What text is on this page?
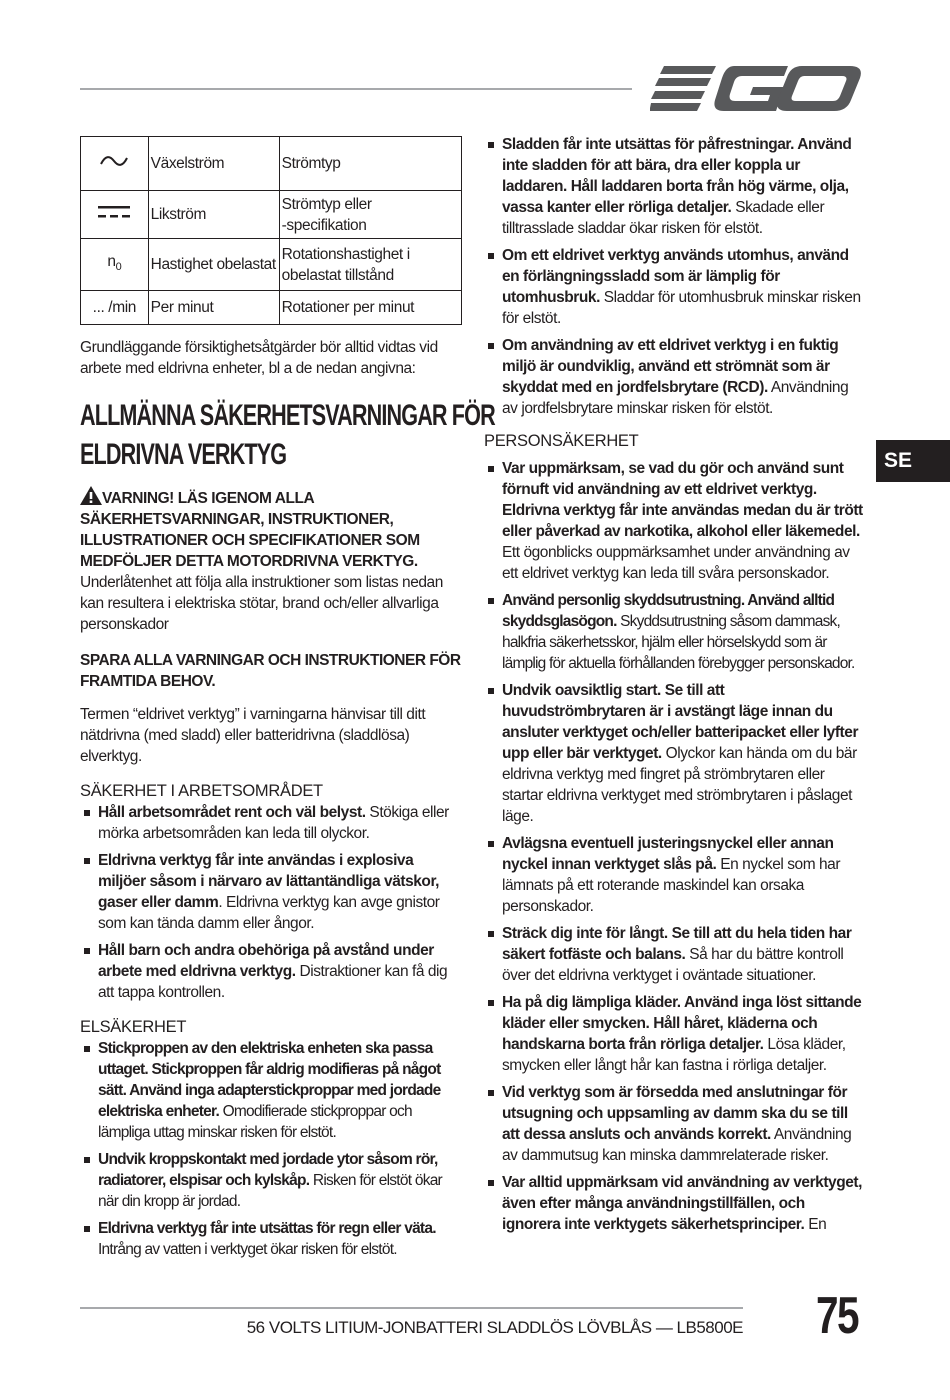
	Växelström	Strömtyp
	Likström	Strömtyp eller
-specifikation
$n_0$	Hastighet obelastat	Rotationshastighet i
obelastat tillstånd
... /min	Per minut	Rotationer per minut

Grundläggande försiktighetsåtgärder bör alltid vidtas vid arbete med eldrivna enheter, bl a de nedan angivna:

ALLMÄNNA SÄKERHETSVARNINGAR FÖR
ELDRIVNA VERKTYG
VARNING! LÄS IGENOM ALLA SÄKERHETSVARNINGAR, INSTRUKTIONER, ILLUSTRATIONER OCH SPECIFIKATIONER SOM MEDFÖLJER DETTA MOTORDRIVNA VERKTYG.

Underlåtenhet att följa alla instruktioner som listas nedan kan resultera i elektriska stötar, brand och/eller allvarliga personskador

SPARA ALLA VARNINGAR OCH INSTRUKTIONER FÖR FRAMTIDA BEHOV.

Termen “eldrivet verktyg” i varningarna hänvisar till ditt nätdrivna (med sladd) eller batteridrivna (sladdlösa) elverktyg.

SÄKERHET I ARBETSOMRÅDET
Håll arbetsområdet rent och väl belyst. Stökiga eller mörka arbetsområden kan leda till olyckor.
Eldrivna verktyg får inte användas i explosiva miljöer såsom i närvaro av lättantändliga vätskor, gaser eller damm. Eldrivna verktyg kan avge gnistor som kan tända damm eller ångor.
Håll barn och andra obehöriga på avstånd under arbete med eldrivna verktyg. Distraktioner kan få dig att tappa kontrollen.
ELSÄKERHET
Stickproppen av den elektriska enheten ska passa uttaget. Stickproppen får aldrig modifieras på något sätt. Använd inga adapterstickproppar med jordade elektriska enheter. Omodifierade stickproppar och lämpliga uttag minskar risken för elstöt.
Undvik kroppskontakt med jordade ytor såsom rör, radiatorer, elspisar och kylskåp. Risken för elstöt ökar när din kropp är jordad.
Eldrivna verktyg får inte utsättas för regn eller väta. Intrång av vatten i verktyget ökar risken för elstöt.
Sladden får inte utsättas för påfrestningar. Använd inte sladden för att bära, dra eller koppla ur laddaren. Håll laddaren borta från hög värme, olja, vassa kanter eller rörliga detaljer. Skadade eller tilltrasslade sladdar ökar risken för elstöt.
Om ett eldrivet verktyg används utomhus, använd en förlängningssladd som är lämplig för utomhusbruk. Sladdar för utomhusbruk minskar risken för elstöt.
Om användning av ett eldrivet verktyg i en fuktig miljö är oundviklig, använd ett strömnät som är skyddat med en jordfelsbrytare (RCD). Användning av jordfelsbrytare minskar risken för elstöt.
PERSONSÄKERHET
Var uppmärksam, se vad du gör och använd sunt förnuft vid användning av ett eldrivet verktyg. Eldrivna verktyg får inte användas medan du är trött eller påverkad av narkotika, alkohol eller läkemedel. Ett ögonblicks ouppmärksamhet under användning av ett eldrivet verktyg kan leda till svåra personskador.
Använd personlig skyddsutrustning. Använd alltid skyddsglasögon. Skyddsutrustning såsom dammask, halkfria säkerhetsskor, hjälm eller hörselskydd som är lämplig för aktuella förhållanden förebygger personskador.
Undvik oavsiktlig start. Se till att huvudströmbrytaren är i avstängt läge innan du ansluter verktyget och/eller batteripacket eller lyfter upp eller bär verktyget. Olyckor kan hända om du bär eldrivna verktyg med fingret på strömbrytaren eller startar eldrivna verktyget med strömbrytaren i påslaget läge.
Avlägsna eventuell justeringsnyckel eller annan nyckel innan verktyget slås på. En nyckel som har lämnats på ett roterande maskindel kan orsaka personskador.
Sträck dig inte för långt. Se till att du hela tiden har säkert fotfäste och balans. Så har du bättre kontroll över det eldrivna verktyget i oväntade situationer.
Ha på dig lämpliga kläder. Använd inga löst sittande kläder eller smycken. Håll håret, kläderna och handskarna borta från rörliga detaljer. Lösa kläder, smycken eller långt hår kan fastna i rörliga detaljer.
Vid verktyg som är försedda med anslutningar för utsugning och uppsamling av damm ska du se till att dessa ansluts och används korrekt. Användning av dammutsug kan minska dammrelaterade risker.
Var alltid uppmärksam vid användning av verktyget, även efter många användningstillfällen, och ignorera inte verktygets säkerhetsprinciper. En
SE
56 VOLTS LITIUM-JONBATTERI SLADDLÖS LÖVBLÅS — LB5800E 75
